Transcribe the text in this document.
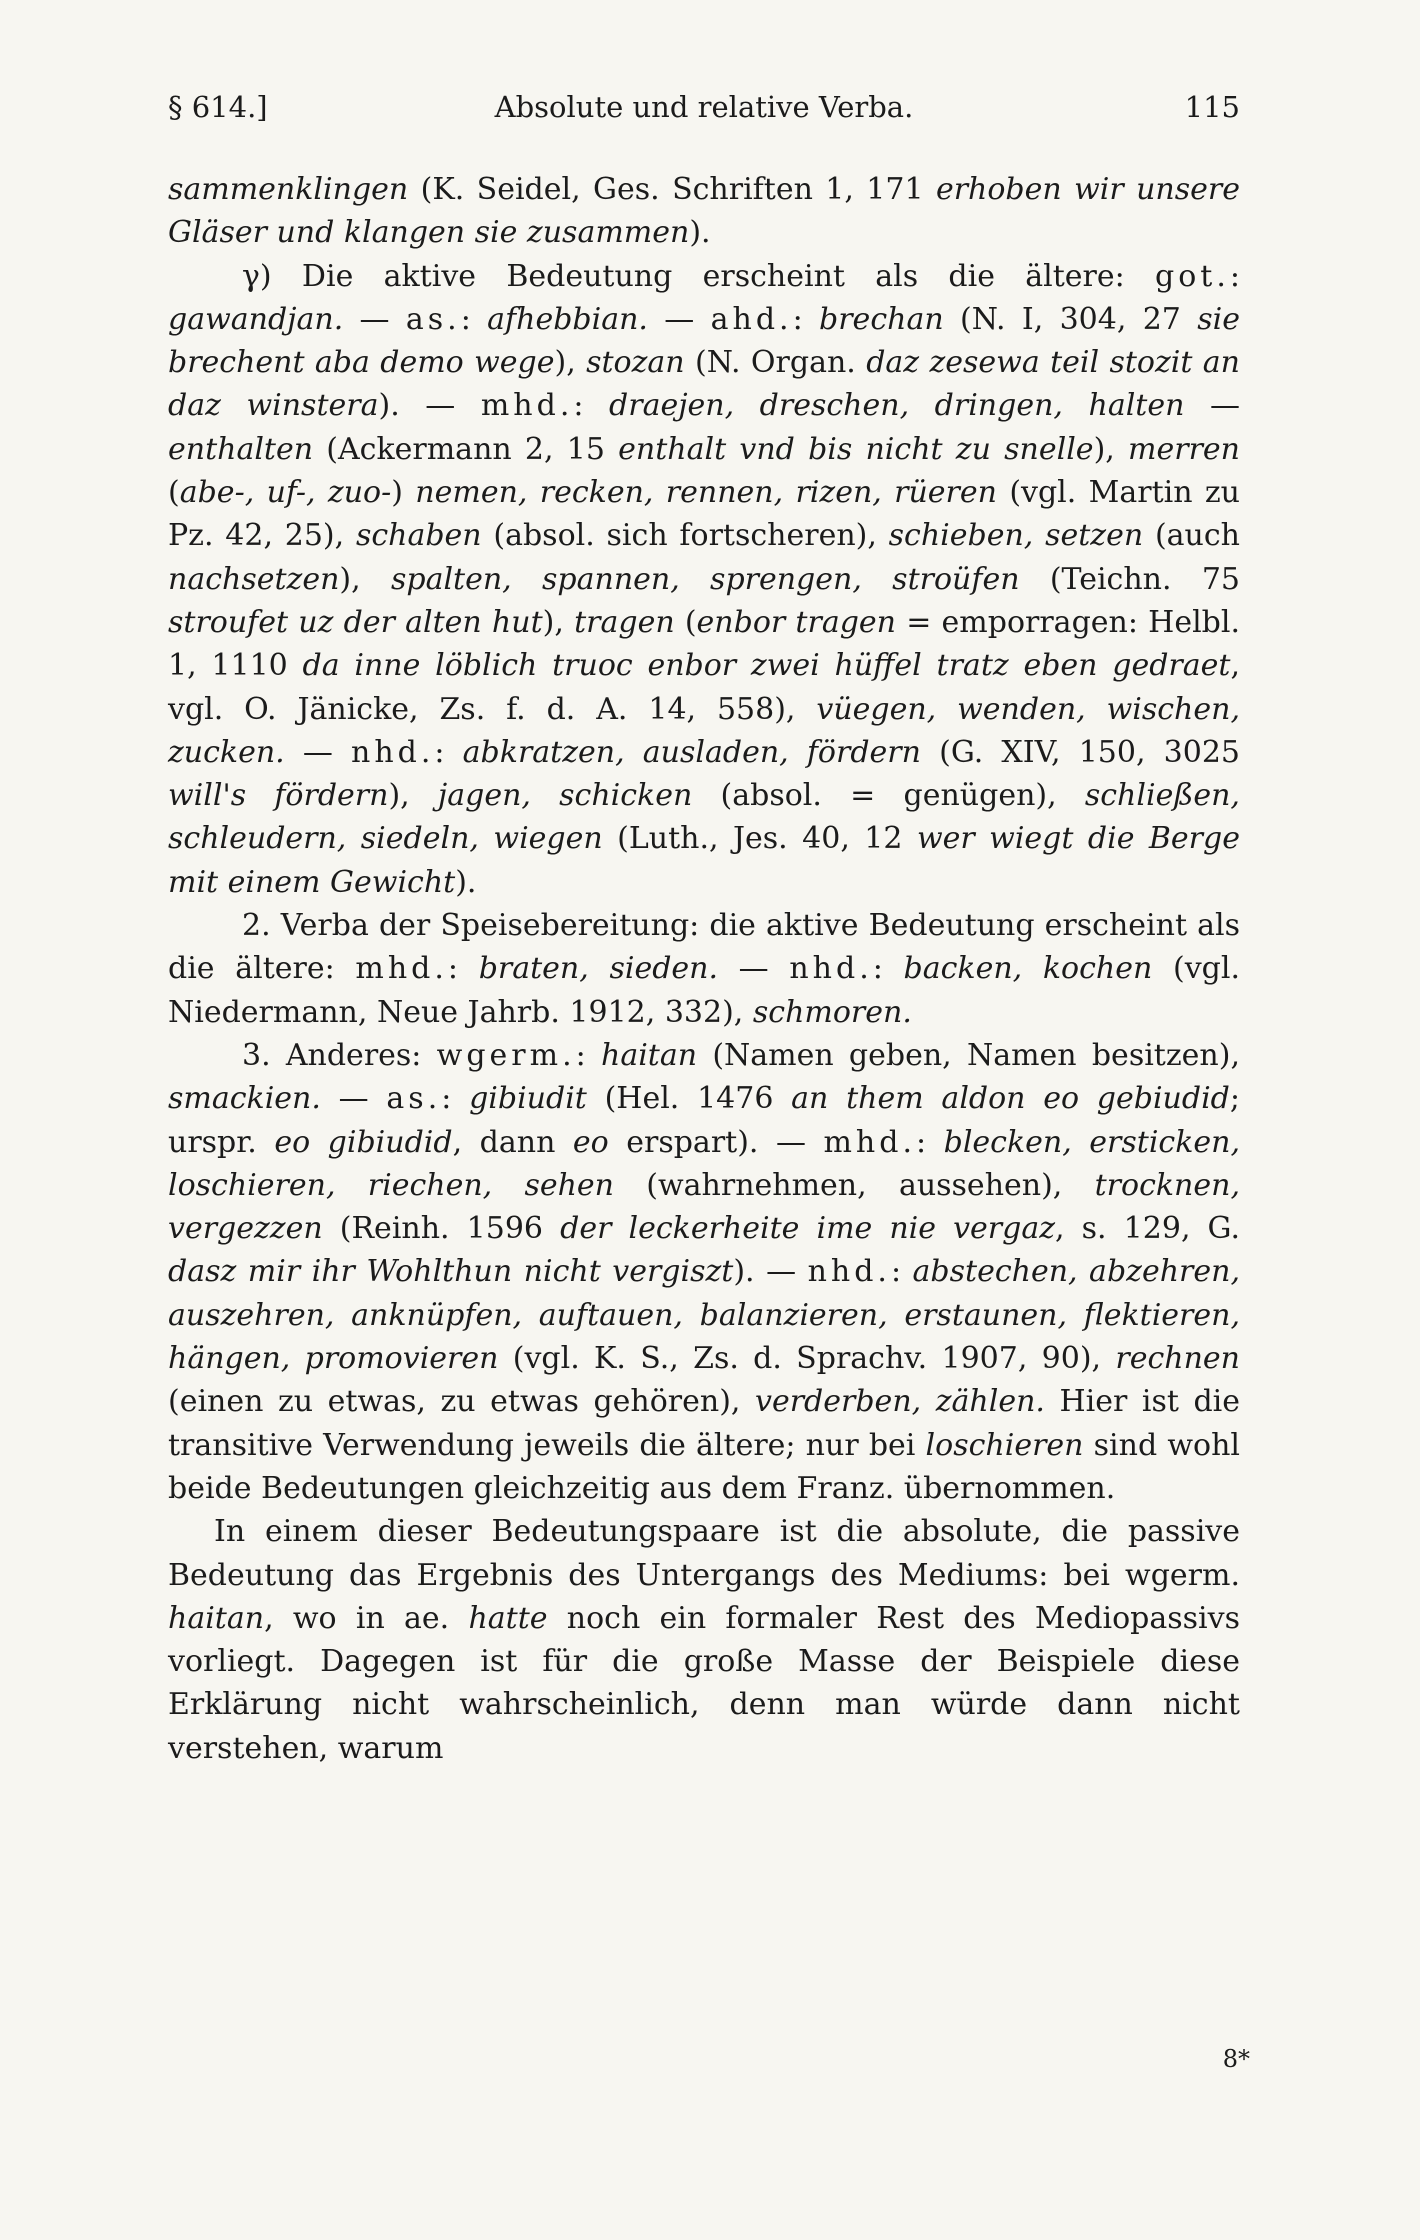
§ 614.]	Absolute und relative Verba.	115

sammenklingen (K. Seidel, Ges. Schriften 1, 171 erhoben wir unsere Gläser und klangen sie zusammen).

γ) Die aktive Bedeutung erscheint als die ältere: got.: gawandjan. — as.: afhebbian. — ahd.: brechan (N. I, 304, 27 sie brechent aba demo wege), stozan (N. Organ. daz zesewa teil stozit an daz winstera). — mhd.: draejen, dreschen, dringen, halten — enthalten (Ackermann 2, 15 enthalt vnd bis nicht zu snelle), merren (abe-, uf-, zuo-) nemen, recken, rennen, rizen, rüeren (vgl. Martin zu Pz. 42, 25), schaben (absol. sich fortscheren), schieben, setzen (auch nachsetzen), spalten, spannen, sprengen, stroüfen (Teichn. 75 stroufet uz der alten hut), tragen (enbor tragen = emporragen: Helbl. 1, 1110 da inne löblich truoc enbor zwei hüffel tratz eben gedraet, vgl. O. Jänicke, Zs. f. d. A. 14, 558), vüegen, wenden, wischen, zucken. — nhd.: abkratzen, ausladen, fördern (G. XIV, 150, 3025 will's fördern), jagen, schicken (absol. = genügen), schließen, schleudern, siedeln, wiegen (Luth., Jes. 40, 12 wer wiegt die Berge mit einem Gewicht).

2. Verba der Speisebereitung: die aktive Bedeutung erscheint als die ältere: mhd.: braten, sieden. — nhd.: backen, kochen (vgl. Niedermann, Neue Jahrb. 1912, 332), schmoren.

3. Anderes: wgerm.: haitan (Namen geben, Namen besitzen), smackien. — as.: gibiudit (Hel. 1476 an them aldon eo gebiudid; urspr. eo gibiudid, dann eo erspart). — mhd.: blecken, ersticken, loschieren, riechen, sehen (wahrnehmen, aussehen), trocknen, vergezzen (Reinh. 1596 der leckerheite ime nie vergaz, s. 129, G. dasz mir ihr Wohlthun nicht vergiszt). — nhd.: abstechen, abzehren, auszehren, anknüpfen, auftauen, balanzieren, erstaunen, flektieren, hängen, promovieren (vgl. K. S., Zs. d. Sprachv. 1907, 90), rechnen (einen zu etwas, zu etwas gehören), verderben, zählen. Hier ist die transitive Verwendung jeweils die ältere; nur bei loschieren sind wohl beide Bedeutungen gleichzeitig aus dem Franz. übernommen.

In einem dieser Bedeutungspaare ist die absolute, die passive Bedeutung das Ergebnis des Untergangs des Mediums: bei wgerm. haitan, wo in ae. hatte noch ein formaler Rest des Mediopassivs vorliegt. Dagegen ist für die große Masse der Beispiele diese Erklärung nicht wahrscheinlich, denn man würde dann nicht verstehen, warum

8*
